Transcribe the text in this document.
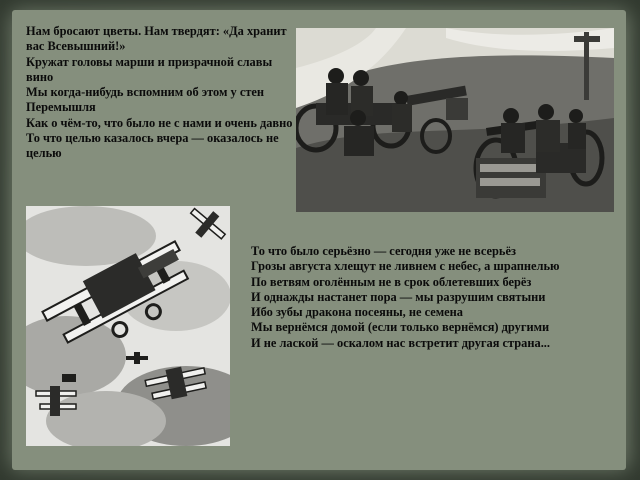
Нам бросают цветы. Нам твердят: «Да хранит вас Всевышний!»
Кружат головы марши и призрачной славы вино
Мы когда-нибудь вспомним об этом у стен Перемышля
Как о чём-то, что было не с нами и очень давно
То что целью казалось вчера — оказалось не целью
То что было серьёзно — сегодня уже не всерьёз
Грозы августа хлещут не ливнем с небес, а шрапнелью
По ветвям оголённым не в срок облетевших берёз
И однажды настанет пора — мы разрушим святыни
Ибо зубы дракона посеяны, не семена
Мы вернёмся домой (если только вернёмся) другими
И не лаской — оскалом нас встретит другая страна...
